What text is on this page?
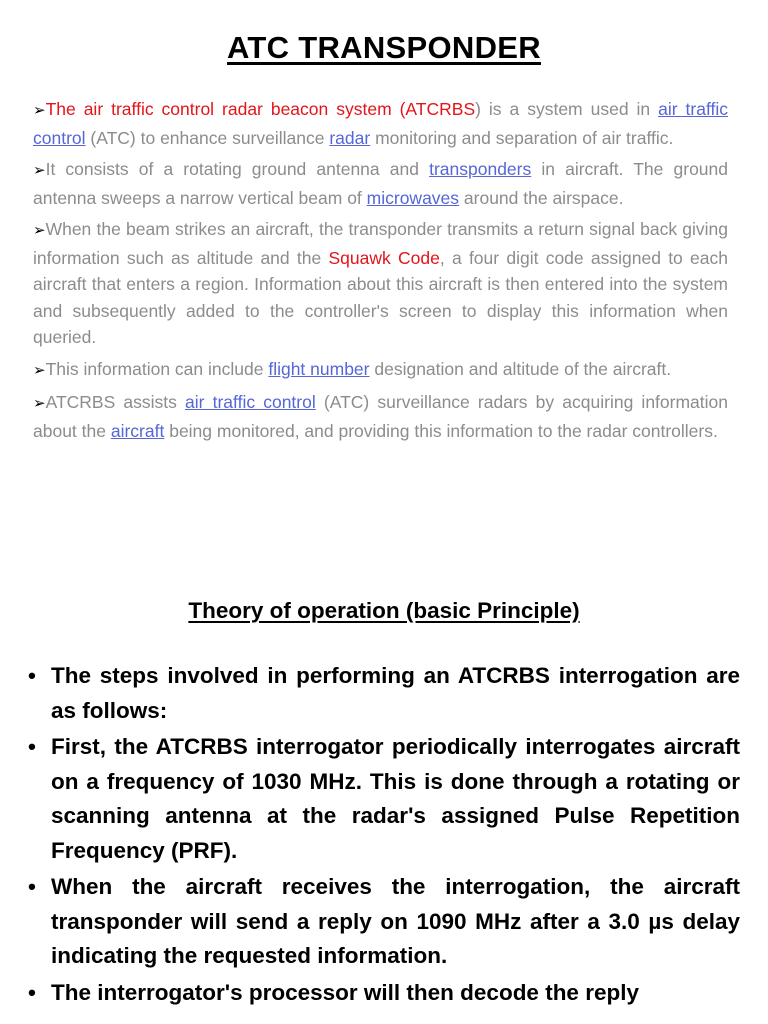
ATC TRANSPONDER

➢The air traffic control radar beacon system (ATCRBS) is a system used in air traffic control (ATC) to enhance surveillance radar monitoring and separation of air traffic.

➢It consists of a rotating ground antenna and transponders in aircraft. The ground antenna sweeps a narrow vertical beam of microwaves around the airspace.

➢When the beam strikes an aircraft, the transponder transmits a return signal back giving information such as altitude and the Squawk Code, a four digit code assigned to each aircraft that enters a region. Information about this aircraft is then entered into the system and subsequently added to the controller's screen to display this information when queried.

➢This information can include flight number designation and altitude of the aircraft.

➢ATCRBS assists air traffic control (ATC) surveillance radars by acquiring information about the aircraft being monitored, and providing this information to the radar controllers.

Theory of operation (basic Principle)
• The steps involved in performing an ATCRBS interrogation are as follows:
• First, the ATCRBS interrogator periodically interrogates aircraft on a frequency of 1030 MHz. This is done through a rotating or scanning antenna at the radar's assigned Pulse Repetition Frequency (PRF).
• When the aircraft receives the interrogation, the aircraft transponder will send a reply on 1090 MHz after a 3.0 µs delay indicating the requested information.
• The interrogator's processor will then decode the reply
